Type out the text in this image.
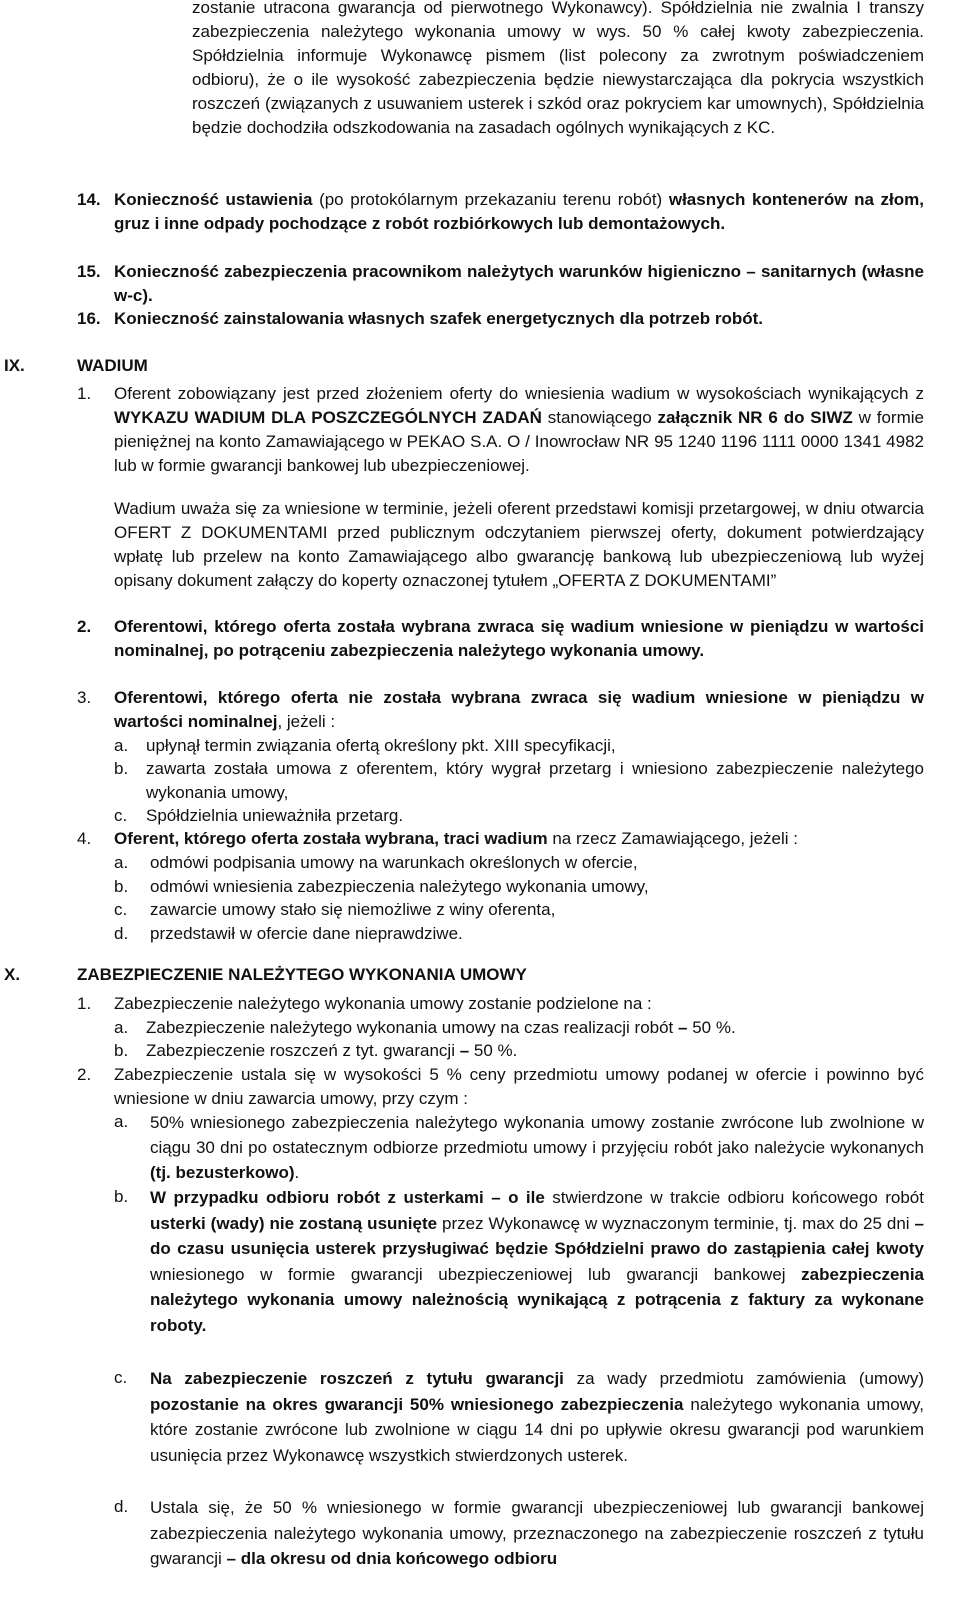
zostanie utracona gwarancja od pierwotnego Wykonawcy). Spółdzielnia nie zwalnia I transzy zabezpieczenia należytego wykonania umowy w wys. 50 % całej kwoty zabezpieczenia. Spółdzielnia informuje Wykonawcę pismem (list polecony za zwrotnym poświadczeniem odbioru), że o ile wysokość zabezpieczenia będzie niewystarczająca dla pokrycia wszystkich roszczeń (związanych z usuwaniem usterek i szkód oraz pokryciem kar umownych), Spółdzielnia będzie dochodziła odszkodowania na zasadach ogólnych wynikających z KC.
14. Konieczność ustawienia (po protokólarnym przekazaniu terenu robót) własnych kontenerów na złom, gruz i inne odpady pochodzące z robót rozbiórkowych lub demontażowych.
15. Konieczność zabezpieczenia pracownikom należytych warunków higieniczno – sanitarnych (własne w-c).
16. Konieczność zainstalowania własnych szafek energetycznych dla potrzeb robót.
IX.	WADIUM
1. Oferent zobowiązany jest przed złożeniem oferty do wniesienia wadium w wysokościach wynikających z WYKAZU WADIUM DLA POSZCZEGÓLNYCH ZADAŃ stanowiącego załącznik NR 6 do SIWZ w formie pieniężnej na konto Zamawiającego w PEKAO S.A. O / Inowrocław NR 95 1240 1196 1111 0000 1341 4982 lub w formie gwarancji bankowej lub ubezpieczeniowej.
Wadium uważa się za wniesione w terminie, jeżeli oferent przedstawi komisji przetargowej, w dniu otwarcia OFERT Z DOKUMENTAMI przed publicznym odczytaniem pierwszej oferty, dokument potwierdzający wpłatę lub przelew na konto Zamawiającego albo gwarancję bankową lub ubezpieczeniową lub wyżej opisany dokument załączy do koperty oznaczonej tytułem „OFERTA Z DOKUMENTAMI”
2. Oferentowi, którego oferta została wybrana zwraca się wadium wniesione w pieniądzu w wartości nominalnej, po potrąceniu zabezpieczenia należytego wykonania umowy.
3. Oferentowi, którego oferta nie została wybrana zwraca się wadium wniesione w pieniądzu w wartości nominalnej, jeżeli :
a. upłynął termin związania ofertą określony pkt. XIII specyfikacji,
b. zawarta została umowa z oferentem, który wygrał przetarg i wniesiono zabezpieczenie należytego wykonania umowy,
c. Spółdzielnia unieważniła przetarg.
4. Oferent, którego oferta została wybrana, traci wadium na rzecz Zamawiającego, jeżeli :
a. odmówi podpisania umowy na warunkach określonych w ofercie,
b. odmówi wniesienia zabezpieczenia należytego wykonania umowy,
c. zawarcie umowy stało się niemożliwe z winy oferenta,
d. przedstawił w ofercie dane nieprawdziwe.
X.	ZABEZPIECZENIE NALEŻYTEGO WYKONANIA UMOWY
1. Zabezpieczenie należytego wykonania umowy zostanie podzielone na :
a. Zabezpieczenie należytego wykonania umowy na czas realizacji robót – 50 %.
b. Zabezpieczenie roszczeń z tyt. gwarancji – 50 %.
2. Zabezpieczenie ustala się w wysokości 5 % ceny przedmiotu umowy podanej w ofercie i powinno być wniesione w dniu zawarcia umowy, przy czym :
a. 50% wniesionego zabezpieczenia należytego wykonania umowy zostanie zwrócone lub zwolnione w ciągu 30 dni po ostatecznym odbiorze przedmiotu umowy i przyjęciu robót jako należycie wykonanych (tj. bezusterkowo).
b. W przypadku odbioru robót z usterkami – o ile stwierdzone w trakcie odbioru końcowego robót usterki (wady) nie zostaną usunięte przez Wykonawcę w wyznaczonym terminie, tj. max do 25 dni – do czasu usunięcia usterek przysługiwać będzie Spółdzielni prawo do zastąpienia całej kwoty wniesionego w formie gwarancji ubezpieczeniowej lub gwarancji bankowej zabezpieczenia należytego wykonania umowy należnością wynikającą z potrącenia z faktury za wykonane roboty.
c. Na zabezpieczenie roszczeń z tytułu gwarancji za wady przedmiotu zamówienia (umowy) pozostanie na okres gwarancji 50% wniesionego zabezpieczenia należytego wykonania umowy, które zostanie zwrócone lub zwolnione w ciągu 14 dni po upływie okresu gwarancji pod warunkiem usunięcia przez Wykonawcę wszystkich stwierdzonych usterek.
d. Ustala się, że 50 % wniesionego w formie gwarancji ubezpieczeniowej lub gwarancji bankowej zabezpieczenia należytego wykonania umowy, przeznaczonego na zabezpieczenie roszczeń z tytułu gwarancji – dla okresu od dnia końcowego odbioru
